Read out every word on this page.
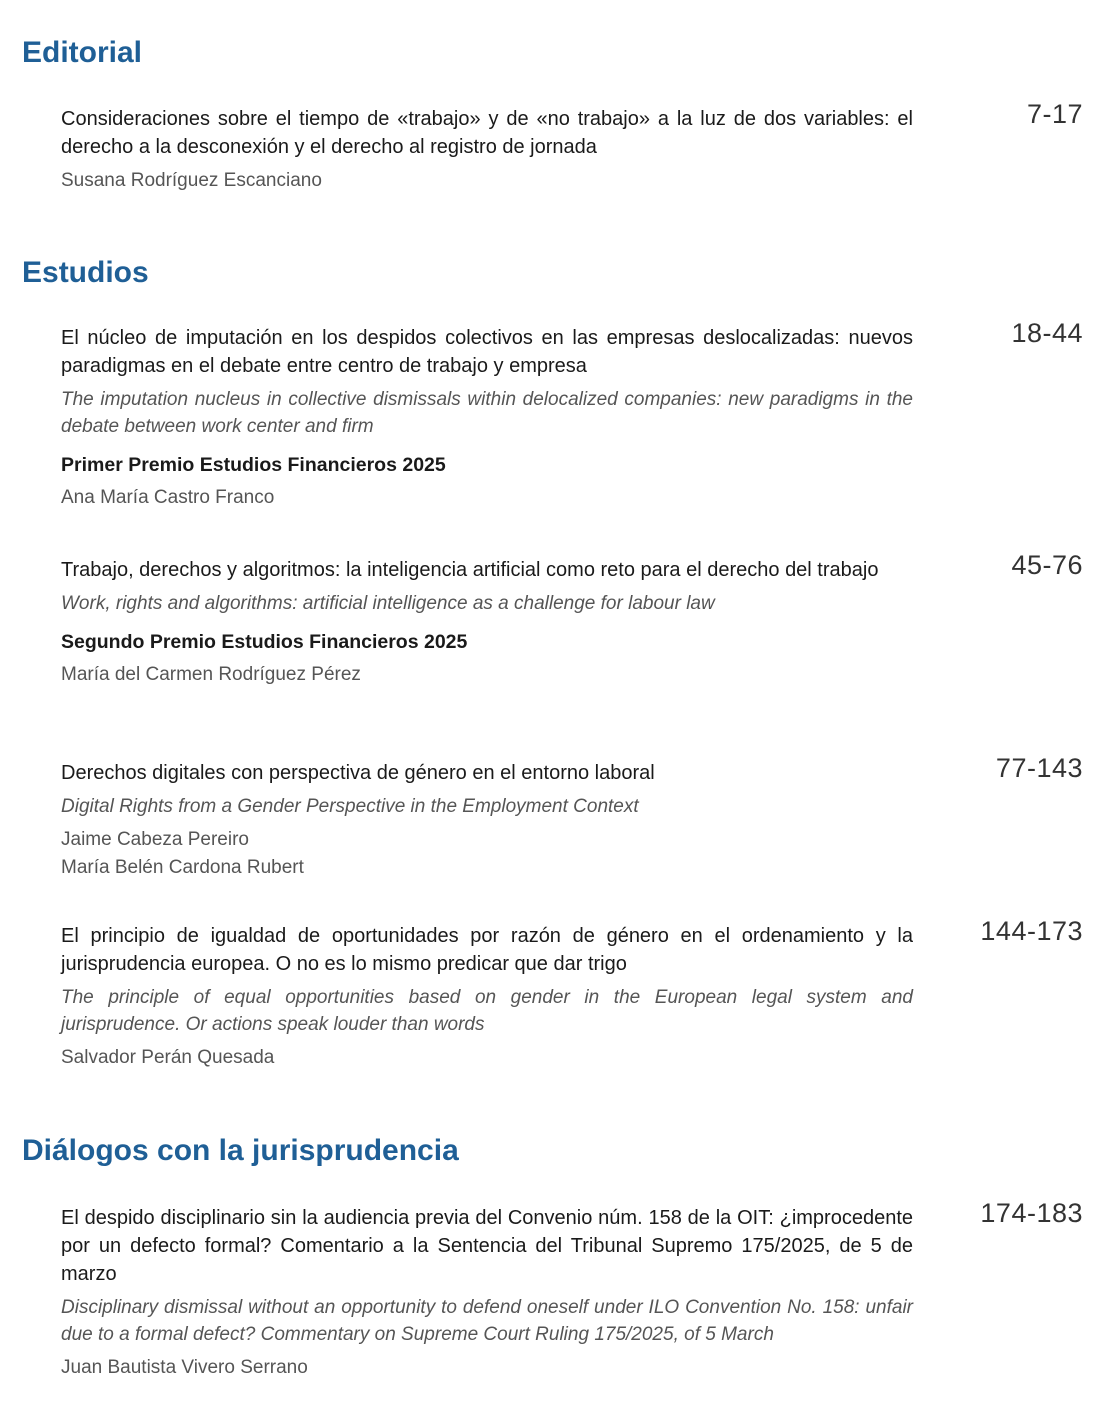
Editorial

Consideraciones sobre el tiempo de «trabajo» y de «no trabajo» a la luz de dos variables: el derecho a la desconexión y el derecho al registro de jornada

7-17

Susana Rodríguez Escanciano

Estudios

El núcleo de imputación en los despidos colectivos en las empresas deslocalizadas: nuevos paradigmas en el debate entre centro de trabajo y empresa

18-44

The imputation nucleus in collective dismissals within delocalized companies: new paradigms in the debate between work center and firm

Primer Premio Estudios Financieros 2025

Ana María Castro Franco

Trabajo, derechos y algoritmos: la inteligencia artificial como reto para el derecho del trabajo	45-76

Work, rights and algorithms: artificial intelligence as a challenge for labour law

Segundo Premio Estudios Financieros 2025

María del Carmen Rodríguez Pérez

Derechos digitales con perspectiva de género en el entorno laboral	77-143

Digital Rights from a Gender Perspective in the Employment Context

Jaime Cabeza Pereiro

María Belén Cardona Rubert

El principio de igualdad de oportunidades por razón de género en el ordenamiento y la jurisprudencia europea. O no es lo mismo predicar que dar trigo

144-173

The principle of equal opportunities based on gender in the European legal system and jurisprudence. Or actions speak louder than words

Salvador Perán Quesada

Diálogos con la jurisprudencia

El despido disciplinario sin la audiencia previa del Convenio núm. 158 de la OIT: ¿improcedente por un defecto formal? Comentario a la Sentencia del Tribunal Supremo 175/2025, de 5 de marzo

174-183

Disciplinary dismissal without an opportunity to defend oneself under ILO Convention No. 158: unfair due to a formal defect? Commentary on Supreme Court Ruling 175/2025, of 5 March

Juan Bautista Vivero Serrano
